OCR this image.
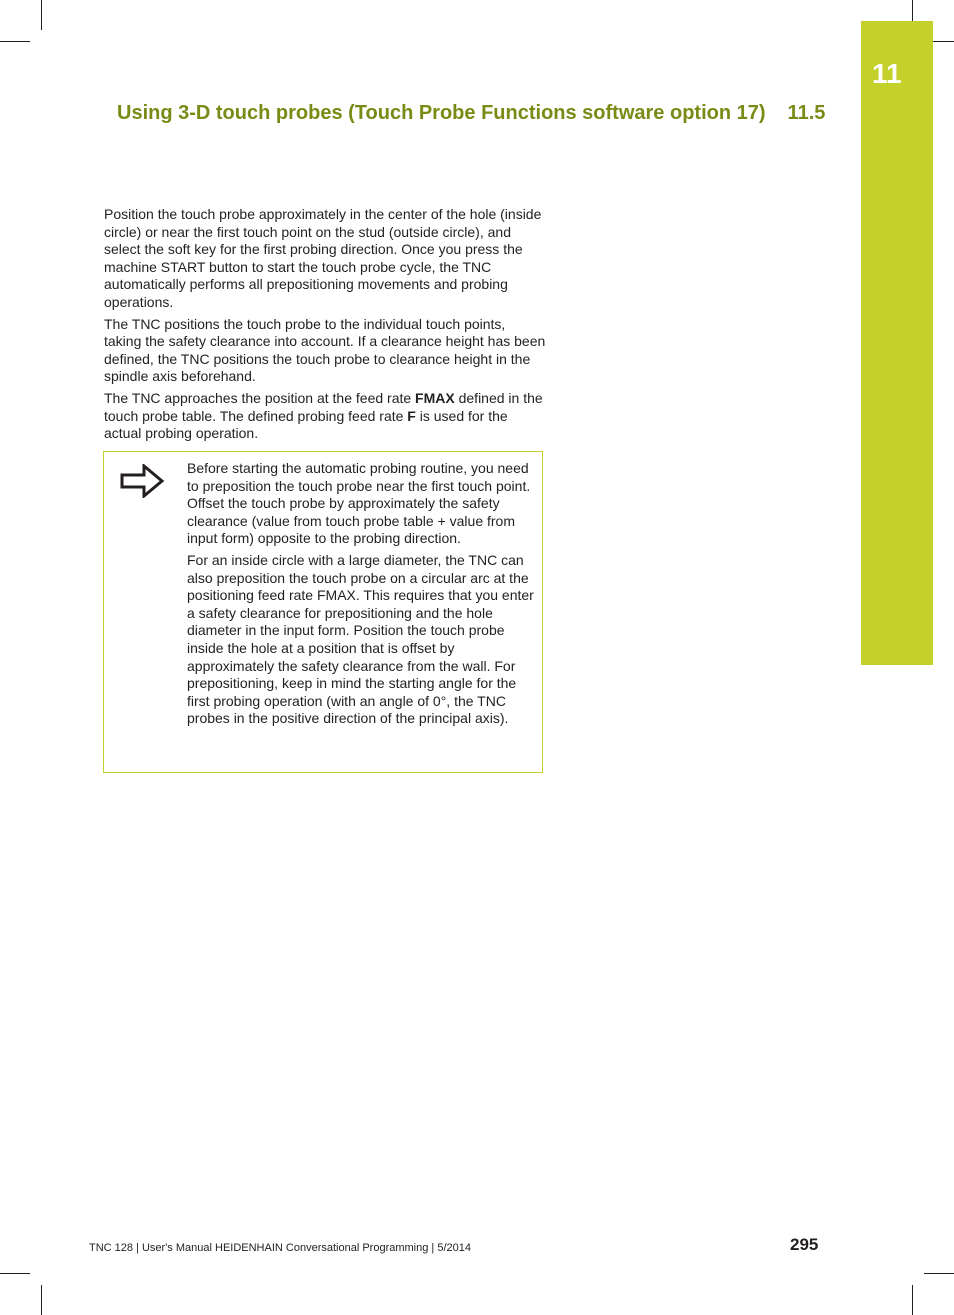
11
Using 3-D touch probes (Touch Probe Functions software option 17) 11.5

Position the touch probe approximately in the center of the hole (inside circle) or near the first touch point on the stud (outside circle), and select the soft key for the first probing direction. Once you press the machine START button to start the touch probe cycle, the TNC automatically performs all prepositioning movements and probing operations.

The TNC positions the touch probe to the individual touch points, taking the safety clearance into account. If a clearance height has been defined, the TNC positions the touch probe to clearance height in the spindle axis beforehand.

The TNC approaches the position at the feed rate FMAX defined in the touch probe table. The defined probing feed rate F is used for the actual probing operation.

Before starting the automatic probing routine, you need to preposition the touch probe near the first touch point. Offset the touch probe by approximately the safety clearance (value from touch probe table + value from input form) opposite to the probing direction.

For an inside circle with a large diameter, the TNC can also preposition the touch probe on a circular arc at the positioning feed rate FMAX. This requires that you enter a safety clearance for prepositioning and the hole diameter in the input form. Position the touch probe inside the hole at a position that is offset by approximately the safety clearance from the wall. For prepositioning, keep in mind the starting angle for the first probing operation (with an angle of 0°, the TNC probes in the positive direction of the principal axis).

TNC 128 | User's Manual HEIDENHAIN Conversational Programming | 5/2014	295
